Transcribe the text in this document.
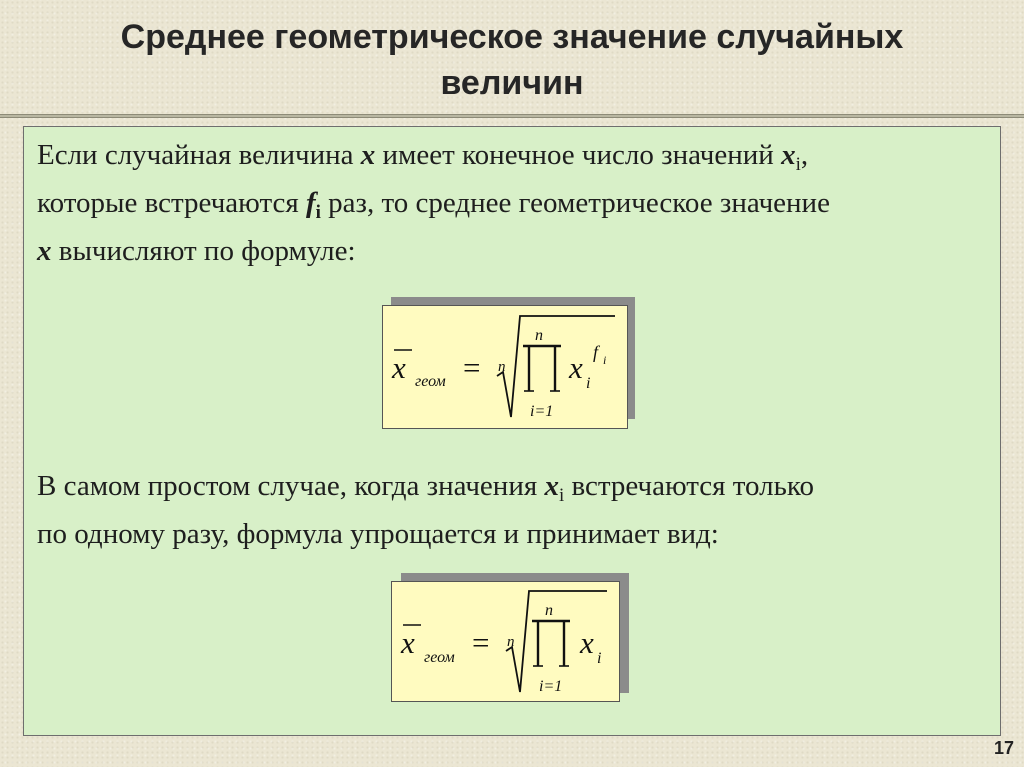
Среднее геометрическое значение случайных
величин
Если случайная величина x имеет конечное число значений $x_i$,
которые встречаются $f_i$ раз, то среднее геометрическое значение
x вычисляют по формуле:
x геом = n
n
i=1
x i
f i
В самом простом случае, когда значения $x_i$ встречаются только
по одному разу, формула упрощается и принимает вид:
x геом = n
n
i=1
x i
17
